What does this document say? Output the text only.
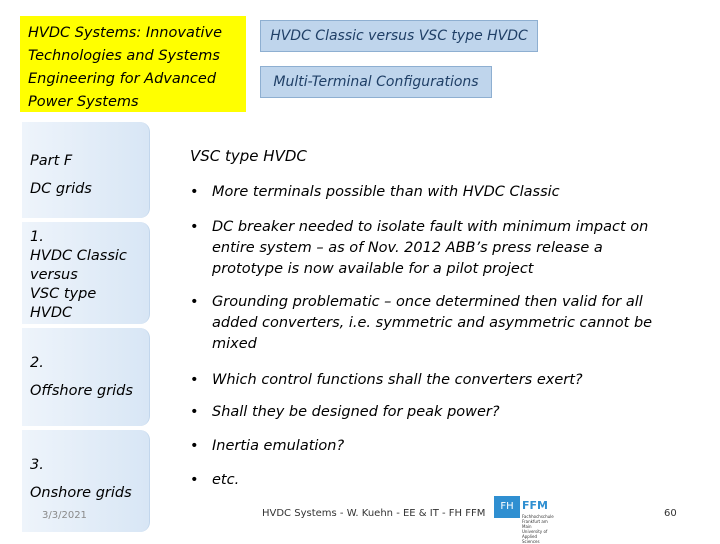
HVDC Systems: Innovative
Technologies and Systems
Engineering for Advanced
Power Systems
HVDC Classic versus VSC type HVDC
Multi-Terminal Configurations
Part F
DC grids
1.
HVDC Classic
versus
VSC type
HVDC
2.
Offshore grids
3.
Onshore grids
3/3/2021
VSC type HVDC
• More terminals possible than with HVDC Classic
• DC breaker needed to isolate fault with minimum impact on entire system – as of Nov. 2012 ABB’s press release a prototype is now available for a pilot project
• Grounding problematic – once determined then valid for all added converters, i.e. symmetric and asymmetric cannot be mixed
• Which control functions shall the converters exert?
• Shall they be designed for peak power?
• Inertia emulation?
• etc.
HVDC Systems - W. Kuehn - EE & IT - FH FFM
FH FFM
Fachhochschule Frankfurt am Main University of Applied Sciences
60
